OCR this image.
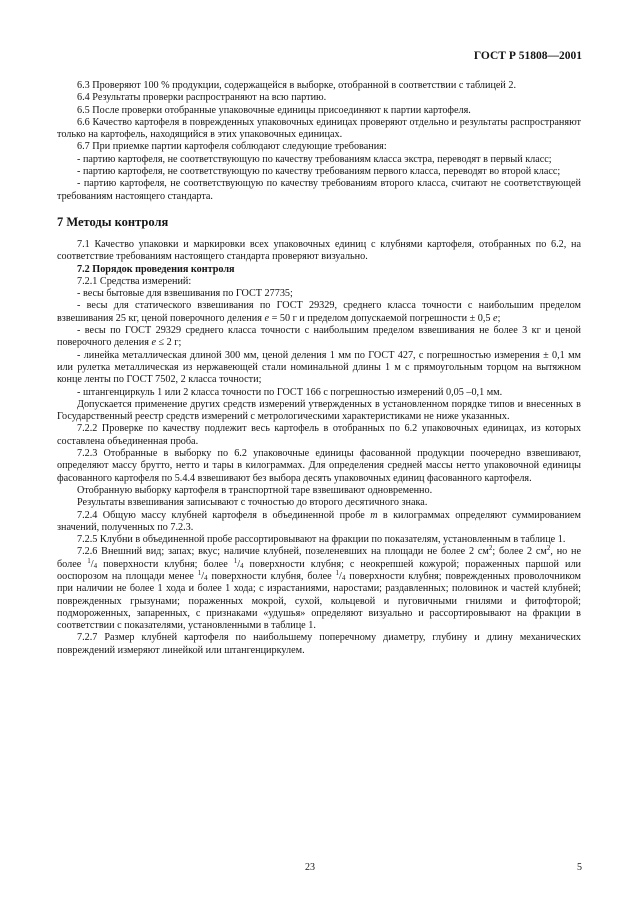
ГОСТ Р 51808—2001

6.3 Проверяют 100 % продукции, содержащейся в выборке, отобранной в соответствии с таблицей 2.

6.4 Результаты проверки распространяют на всю партию.

6.5 После проверки отобранные упаковочные единицы присоединяют к партии картофеля.

6.6 Качество картофеля в поврежденных упаковочных единицах проверяют отдельно и результаты распространяют только на картофель, находящийся в этих упаковочных единицах.

6.7 При приемке партии картофеля соблюдают следующие требования:

- партию картофеля, не соответствующую по качеству требованиям класса экстра, переводят в первый класс;

- партию картофеля, не соответствующую по качеству требованиям первого класса, переводят во второй класс;

- партию картофеля, не соответствующую по качеству требованиям второго класса, считают не соответствующей требованиям настоящего стандарта.

7 Методы контроля

7.1 Качество упаковки и маркировки всех упаковочных единиц с клубнями картофеля, отобранных по 6.2, на соответствие требованиям настоящего стандарта проверяют визуально.

7.2 Порядок проведения контроля

7.2.1 Средства измерений:

- весы бытовые для взвешивания по ГОСТ 27735;

- весы для статического взвешивания по ГОСТ 29329, среднего класса точности с наибольшим пределом взвешивания 25 кг, ценой поверочного деления е = 50 г и пределом допускаемой погрешности ± 0,5 е;

- весы по ГОСТ 29329 среднего класса точности с наибольшим пределом взвешивания не более 3 кг и ценой поверочного деления е ≤ 2 г;

- линейка металлическая длиной 300 мм, ценой деления 1 мм по ГОСТ 427, с погрешностью измерения ± 0,1 мм или рулетка металлическая из нержавеющей стали номинальной длины 1 м с прямоугольным торцом на вытяжном конце ленты по ГОСТ 7502, 2 класса точности;

- штангенциркуль 1 или 2 класса точности по ГОСТ 166 с погрешностью измерений 0,05 –0,1 мм.

Допускается применение других средств измерений утвержденных в установленном порядке типов и внесенных в Государственный реестр средств измерений с метрологическими характеристиками не ниже указанных.

7.2.2 Проверке по качеству подлежит весь картофель в отобранных по 6.2 упаковочных единицах, из которых составлена объединенная проба.

7.2.3 Отобранные в выборку по 6.2 упаковочные единицы фасованной продукции поочередно взвешивают, определяют массу брутто, нетто и тары в килограммах. Для определения средней массы нетто упаковочной единицы фасованного картофеля по 5.4.4 взвешивают без выбора десять упаковочных единиц фасованного картофеля.

Отобранную выборку картофеля в транспортной таре взвешивают одновременно.

Результаты взвешивания записывают с точностью до второго десятичного знака.

7.2.4 Общую массу клубней картофеля в объединенной пробе m в килограммах определяют суммированием значений, полученных по 7.2.3.

7.2.5 Клубни в объединенной пробе рассортировывают на фракции по показателям, установленным в таблице 1.

7.2.6 Внешний вид; запах; вкус; наличие клубней, позеленевших на площади не более 2 $см^2$; более 2 $см^2$, но не более $^1/_4$ поверхности клубня; более $^1/_4$ поверхности клубня; с неокрепшей кожурой; пораженных паршой или ооспорозом на площади менее $^1/_4$ поверхности клубня, более $^1/_4$ поверхности клубня; поврежденных проволочником при наличии не более 1 хода и более 1 хода; с израстаниями, наростами; раздавленных; половинок и частей клубней; поврежденных грызунами; пораженных мокрой, сухой, кольцевой и пуговичными гнилями и фитофторой; подмороженных, запаренных, с признаками «удушья» определяют визуально и рассортировывают на фракции в соответствии с показателями, установленными в таблице 1.

7.2.7 Размер клубней картофеля по наибольшему поперечному диаметру, глубину и длину механических повреждений измеряют линейкой или штангенциркулем.

23	5
